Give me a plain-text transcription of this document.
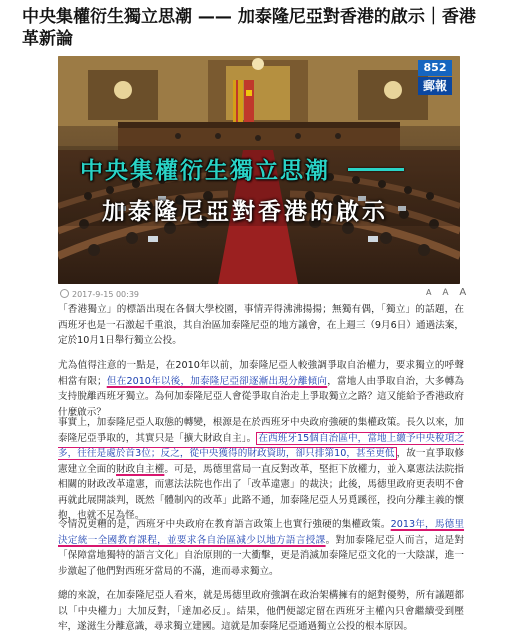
中央集權衍生獨立思潮 —— 加泰隆尼亞對香港的啟示｜香港革新論
852
郵報
中央集權衍生獨立思潮
加泰隆尼亞對香港的啟示
2017-9-15 00:39	A A A

「香港獨立」的標語出現在各個大學校園，事情弄得沸沸揚揚；無獨有偶，「獨立」的話題，在西班牙也是一石激起千重浪，其自治區加泰隆尼亞的地方議會，在上週三（9月6日）通過法案，定於10月1日舉行獨立公投。

尤為值得注意的一點是，在2010年以前，加泰隆尼亞人較強調爭取自治權力，要求獨立的呼聲相當有限；但在2010年以後，加泰隆尼亞卻逐漸出現分離傾向，當地人由爭取自治，大多轉為支持脫離西班牙獨立。為何加泰隆尼亞人會從爭取自治走上爭取獨立之路？這又能給予香港政府什麼啟示？

事實上，加泰隆尼亞人取態的轉變，根源是在於西班牙中央政府強硬的集權政策。長久以來，加泰隆尼亞爭取的，其實只是「擴大財政自主」。 在西班牙15個自治區中，當地上繳予中央稅項之多，往往是處於首3位；反之，從中央獲得的財政資助，卻只排第10，甚至更低 ，故一直爭取修憲建立全面的財政自主權。可是，馬德里當局一直反對改革，堅拒下放權力，並入稟憲法法院指相關的財政改革違憲，而憲法法院也作出了「改革違憲」的裁決；此後，馬德里政府更表明不會再就此展開談判，既然「體制內的改革」此路不通，加泰隆尼亞人另覓蹊徑，投向分離主義的懷抱，也就不足為怪。

令情況更糟的是，西班牙中央政府在教育語言政策上也實行強硬的集權政策。2013年，馬德里決定統一全國教育課程，並要求各自治區減少以地方語言授課。對加泰隆尼亞人而言，這是對「保障當地獨特的語言文化」自治原則的一大衝擊，更是消滅加泰隆尼亞文化的一大陰謀，進一步激起了他們對西班牙當局的不滿，進而尋求獨立。

總的來說，在加泰隆尼亞人看來，就是馬德里政府強調在政治架構擁有的絕對優勢，所有議題都以「中央權力」大加反對，「達加必反」。結果，他們便認定留在西班牙主權內只會繼續受到壓牢，遂滋生分離意識，尋求獨立建國。這就是加泰隆尼亞通過獨立公投的根本原因。
